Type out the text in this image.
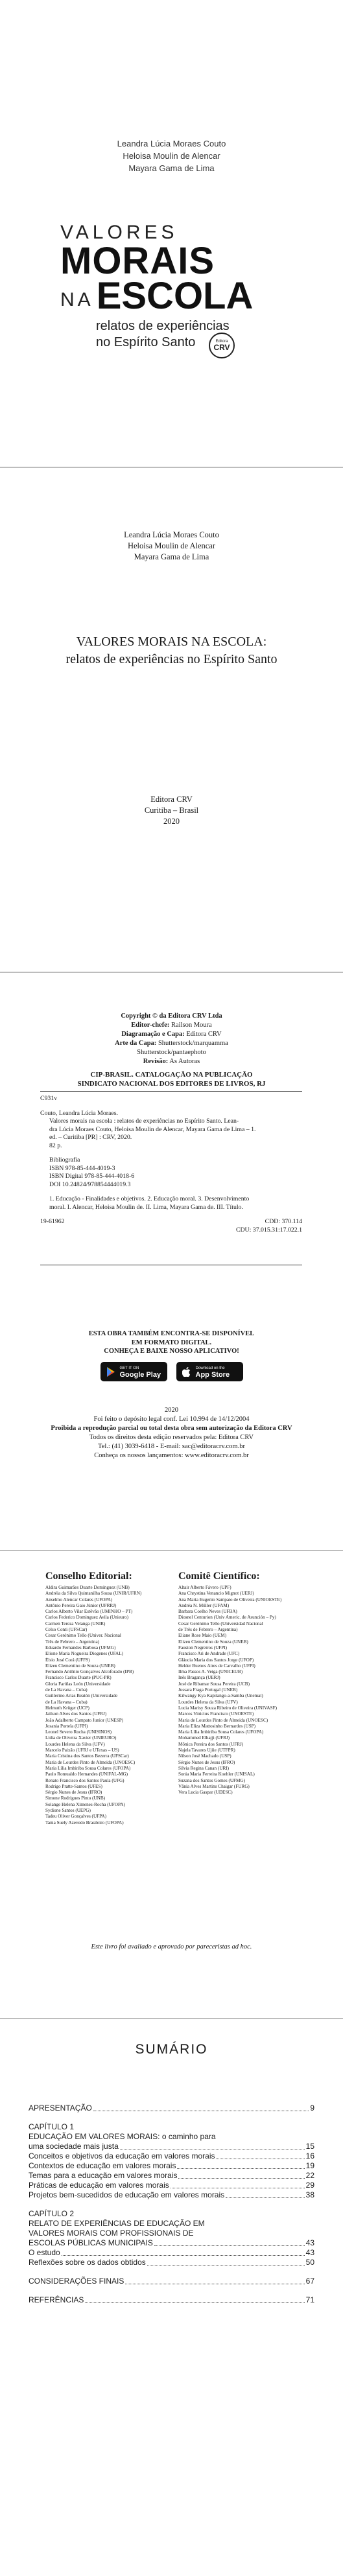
Leandra Lúcia Moraes Couto
Heloisa Moulin de Alencar
Mayara Gama de Lima
VALORES
MORAIS
NA ESCOLA
relatos de experiências
no Espírito Santo	Editora
CRV
Leandra Lúcia Moraes Couto
Heloisa Moulin de Alencar
Mayara Gama de Lima
VALORES MORAIS NA ESCOLA:
relatos de experiências no Espírito Santo
Editora CRV
Curitiba – Brasil
2020
Copyright © da Editora CRV Ltda
Editor-chefe: Railson Moura
Diagramação e Capa: Editora CRV
Arte da Capa: Shutterstock/marquamma
Shutterstock/pantaephoto
Revisão: As Autoras
CIP-BRASIL. CATALOGAÇÃO NA PUBLICAÇÃO
SINDICATO NACIONAL DOS EDITORES DE LIVROS, RJ
C931v
Couto, Leandra Lúcia Moraes.
Valores morais na escola : relatos de experiências no Espírito Santo. Lean-
dra Lúcia Moraes Couto, Heloisa Moulin de Alencar, Mayara Gama de Lima – 1.
ed. – Curitiba [PR] : CRV, 2020.
82 p.
Bibliografia
ISBN 978-85-444-4019-3
ISBN Digital 978-85-444-4018-6
DOI 10.24824/978854444019.3
1. Educação - Finalidades e objetivos. 2. Educação moral. 3. Desenvolvimento
moral. I. Alencar, Heloisa Moulin de. II. Lima, Mayara Gama de. III. Título.
19-61962	CDD: 370.114
CDU: 37.015.31:17.022.1
ESTA OBRA TAMBÉM ENCONTRA-SE DISPONÍVEL
EM FORMATO DIGITAL.
CONHEÇA E BAIXE NOSSO APLICATIVO!
GET IT ON
Google Play
Download on the
App Store
2020
Foi feito o depósito legal conf. Lei 10.994 de 14/12/2004
Proibida a reprodução parcial ou total desta obra sem autorização da Editora CRV
Todos os direitos desta edição reservados pela: Editora CRV
Tel.: (41) 3039-6418 - E-mail: sac@editoracrv.com.br
Conheça os nossos lançamentos: www.editoracrv.com.br
Conselho Editorial:
Aldira Guimarães Duarte Domínguez (UNB)
Andréia da Silva Quintanilha Sousa (UNIR/UFRN)
Anselmo Alencar Colares (UFOPA)
Antônio Pereira Gaio Júnior (UFRRJ)
Carlos Alberto Vilar Estêvão (UMINHO – PT)
Carlos Federico Dominguez Avila (Unieuro)
Carmen Tereza Velanga (UNIR)
Celso Conti (UFSCar)
Cesar Gerónimo Tello (Univer. Nacional
Três de Febrero – Argentina)
Eduardo Fernandes Barbosa (UFMG)
Elione Maria Nogueira Diogenes (UFAL)
Élsio José Corá (UFFS)
Elizeu Clementino de Souza (UNEB)
Fernando Antônio Gonçalves Alcoforado (IPB)
Francisco Carlos Duarte (PUC-PR)
Gloria Fariñas León (Universidade
de La Havana – Cuba)
Guillermo Arias Beatón (Universidade
de La Havana – Cuba)
Helmuth Krüger (UCP)
Jailson Alves dos Santos (UFRJ)
João Adalberto Campato Junior (UNESP)
Josania Portela (UFPI)
Leonel Severo Rocha (UNISINOS)
Lídia de Oliveira Xavier (UNIEURO)
Lourdes Helena da Silva (UFV)
Marcelo Paixão (UFRJ e UTexas – US)
Maria Cristina dos Santos Bezerra (UFSCar)
Maria de Lourdes Pinto de Almeida (UNOESC)
Maria Lília Imbiriba Sousa Colares (UFOPA)
Paulo Romualdo Hernandes (UNIFAL-MG)
Renato Francisco dos Santos Paula (UFG)
Rodrigo Pratte-Santos (UFES)
Sérgio Nunes de Jesus (IFRO)
Simone Rodrigues Pinto (UNB)
Solange Helena Ximenes-Rocha (UFOPA)
Sydione Santos (UEPG)
Tadeu Oliver Gonçalves (UFPA)
Tania Suely Azevedo Brasileiro (UFOPA)
Comitê Científico:
Altair Alberto Fávero (UPF)
Ana Chrystina Venancio Mignot (UERJ)
Ana Maria Eugenio Sampaio de Oliveira (UNIOESTE)
Andréa N. Müller (UFAM)
Barbara Coelho Neves (UFBA)
Diosnel Centurion (Univ Americ. de Asunción – Py)
Cesar Gerónimo Tello (Universidad Nacional
de Três de Febrero – Argentina)
Eliane Rose Maio (UEM)
Elizeu Clementino de Souza (UNEB)
Fauston Negreiros (UFPI)
Francisco Ari de Andrade (UFC)
Gláucia Maria dos Santos Jorge (UFOP)
Helder Buenos Aires de Carvalho (UFPI)
Ilma Passos A. Veiga (UNICEUB)
Inês Bragança (UERJ)
José de Ribamar Sousa Pereira (UCB)
Jussara Fraga Portugal (UNEB)
Kilwangy Kya Kapitango-a-Samba (Unemat)
Lourdes Helena da Silva (UFV)
Lucia Marisy Souza Ribeiro de Oliveira (UNIVASF)
Marcos Vinicius Francisco (UNOESTE)
Maria de Lourdes Pinto de Almeida (UNOESC)
Maria Eliza Mattosinho Bernardes (USP)
Maria Lília Imbiriba Sousa Colares (UFOPA)
Mohammed Elhajji (UFRJ)
Mônica Pereira dos Santos (UFRJ)
Najela Tavares Ujiie (UTFPR)
Nilson José Machado (USP)
Sérgio Nunes de Jesus (IFRO)
Silvia Regina Canan (URI)
Sonia Maria Ferreira Koehler (UNISAL)
Suzana dos Santos Gomes (UFMG)
Vânia Alves Martins Chaigar (FURG)
Vera Lucia Gaspar (UDESC)
Este livro foi avaliado e aprovado por pareceristas ad hoc.
SUMÁRIO
APRESENTAÇÃO	9
CAPÍTULO 1
EDUCAÇÃO EM VALORES MORAIS: o caminho para
uma sociedade mais justa	15
Conceitos e objetivos da educação em valores morais	16
Contextos de educação em valores morais	19
Temas para a educação em valores morais	22
Práticas de educação em valores morais	29
Projetos bem-sucedidos de educação em valores morais	38
CAPÍTULO 2
RELATO DE EXPERIÊNCIAS DE EDUCAÇÃO EM
VALORES MORAIS COM PROFISSIONAIS DE
ESCOLAS PÚBLICAS MUNICIPAIS	43
O estudo	43
Reflexões sobre os dados obtidos	50
CONSIDERAÇÕES FINAIS	67
REFERÊNCIAS	71
